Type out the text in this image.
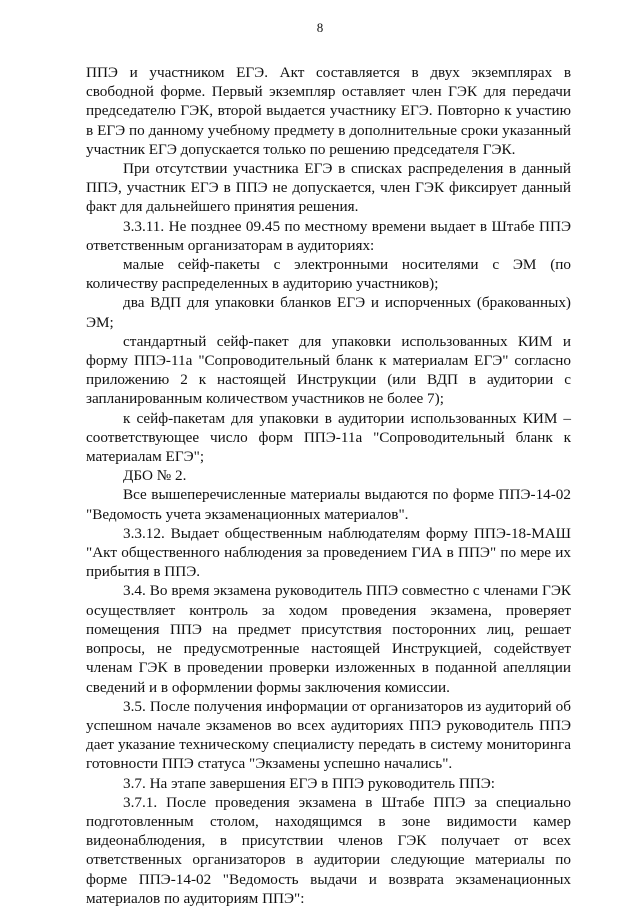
8

ППЭ и участником ЕГЭ. Акт составляется в двух экземплярах в свободной форме. Первый экземпляр оставляет член ГЭК для передачи председателю ГЭК, второй выдается участнику ЕГЭ. Повторно к участию в ЕГЭ по данному учебному предмету в дополнительные сроки указанный участник ЕГЭ допускается только по решению председателя ГЭК.

При отсутствии участника ЕГЭ в списках распределения в данный ППЭ, участник ЕГЭ в ППЭ не допускается, член ГЭК фиксирует данный факт для дальнейшего принятия решения.

3.3.11. Не позднее 09.45 по местному времени выдает в Штабе ППЭ ответственным организаторам в аудиториях:

малые сейф-пакеты с электронными носителями с ЭМ (по количеству распределенных в аудиторию участников);

два ВДП для упаковки бланков ЕГЭ и испорченных (бракованных) ЭМ;

стандартный сейф-пакет для упаковки использованных КИМ и форму ППЭ-11а "Сопроводительный бланк к материалам ЕГЭ" согласно приложению 2 к настоящей Инструкции (или ВДП в аудитории с запланированным количеством участников не более 7);

к сейф-пакетам для упаковки в аудитории использованных КИМ – соответствующее число форм ППЭ-11а "Сопроводительный бланк к материалам ЕГЭ";

ДБО № 2.

Все вышеперечисленные материалы выдаются по форме ППЭ-14-02 "Ведомость учета экзаменационных материалов".

3.3.12. Выдает общественным наблюдателям форму ППЭ-18-МАШ "Акт общественного наблюдения за проведением ГИА в ППЭ" по мере их прибытия в ППЭ.

3.4. Во время экзамена руководитель ППЭ совместно с членами ГЭК осуществляет контроль за ходом проведения экзамена, проверяет помещения ППЭ на предмет присутствия посторонних лиц, решает вопросы, не предусмотренные настоящей Инструкцией, содействует членам ГЭК в проведении проверки изложенных в поданной апелляции сведений и в оформлении формы заключения комиссии.

3.5. После получения информации от организаторов из аудиторий об успешном начале экзаменов во всех аудиториях ППЭ руководитель ППЭ дает указание техническому специалисту передать в систему мониторинга готовности ППЭ статуса "Экзамены успешно начались".

3.7. На этапе завершения ЕГЭ в ППЭ руководитель ППЭ:

3.7.1. После проведения экзамена в Штабе ППЭ за специально подготовленным столом, находящимся в зоне видимости камер видеонаблюдения, в присутствии членов ГЭК получает от всех ответственных организаторов в аудитории следующие материалы по форме ППЭ-14-02 "Ведомость выдачи и возврата экзаменационных материалов по аудиториям ППЭ":
